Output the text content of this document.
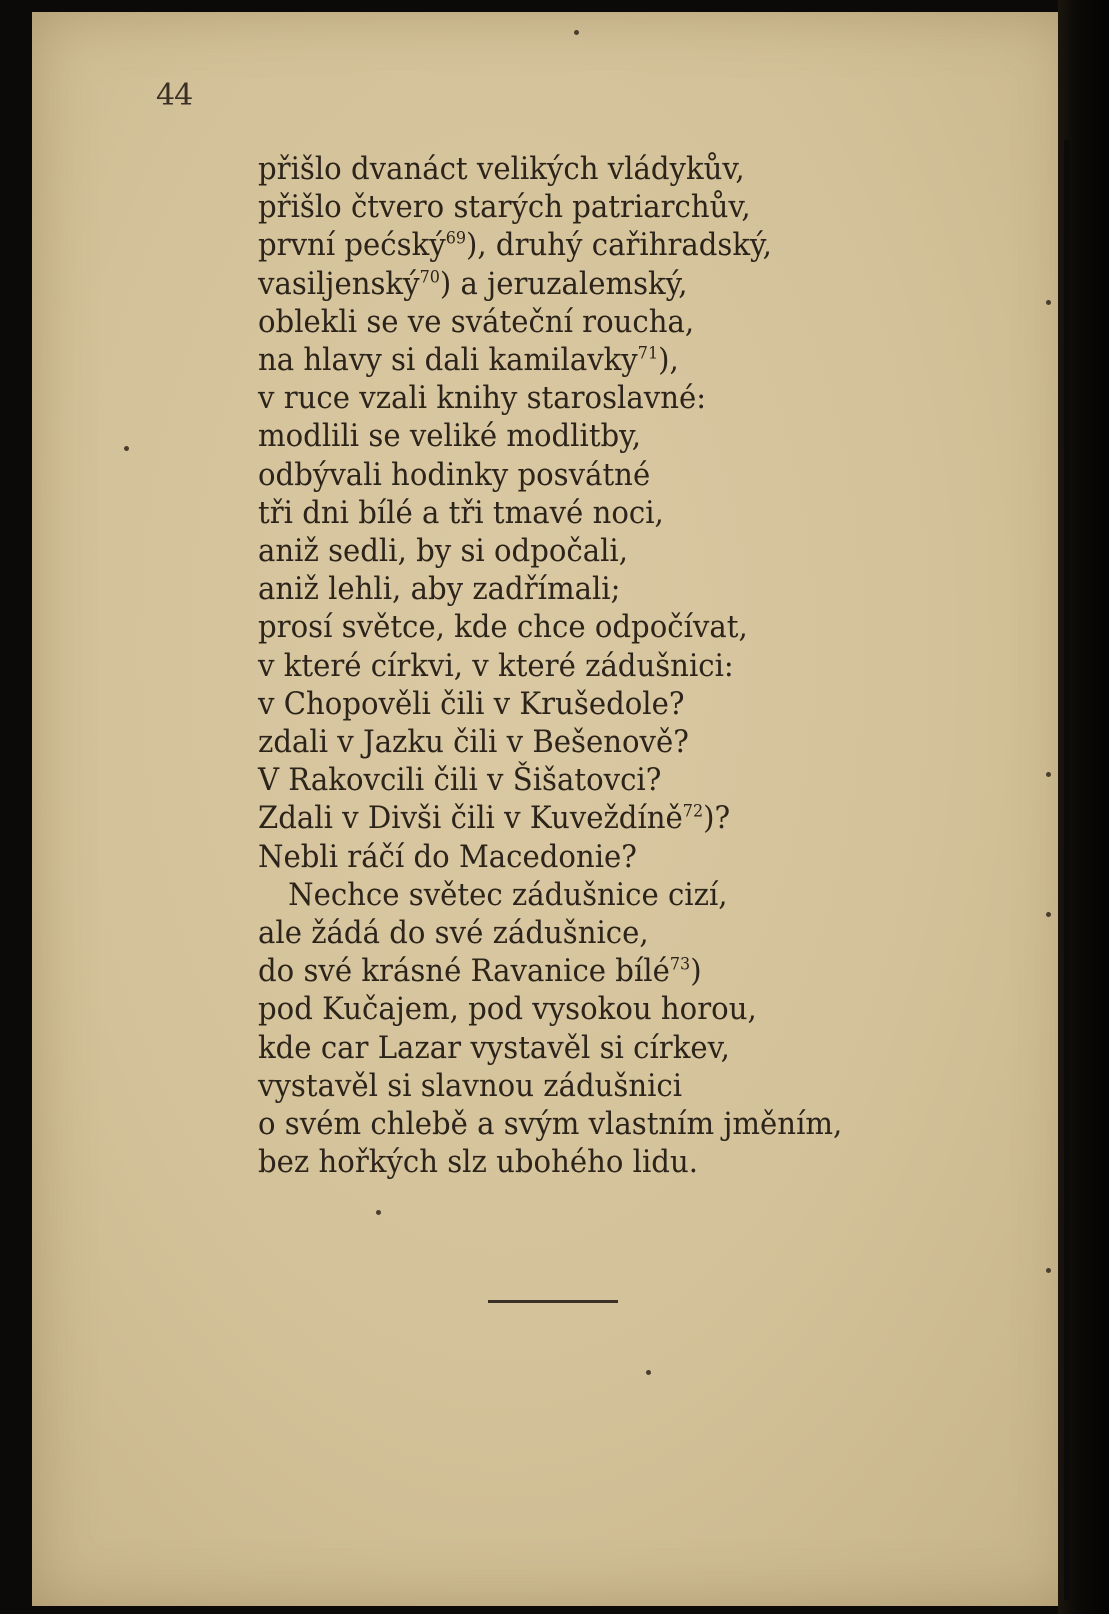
44

přišlo dvanáct velikých vládykův,
přišlo čtvero starých patriarchův,
první pećský$^{69}$), druhý cařihradský,
vasiljenský$^{70}$) a jeruzalemský,
oblekli se ve sváteční roucha,
na hlavy si dali kamilavky$^{71}$),
v ruce vzali knihy staroslavné:
modlili se veliké modlitby,
odbývali hodinky posvátné
tři dni bílé a tři tmavé noci,
aniž sedli, by si odpočali,
aniž lehli, aby zadřímali;
prosí světce, kde chce odpočívat,
v které církvi, v které zádušnici:
v Chopověli čili v Krušedole?
zdali v Jazku čili v Bešenově?
V Rakovcili čili v Šišatovci?
Zdali v Divši čili v Kuveždíně$^{72}$)?
Nebli ráčí do Macedonie?
Nechce světec zádušnice cizí,
ale žádá do své zádušnice,
do své krásné Ravanice bílé$^{73}$)
pod Kučajem, pod vysokou horou,
kde car Lazar vystavěl si církev,
vystavěl si slavnou zádušnici
o svém chlebě a svým vlastním jměním,
bez hořkých slz ubohého lidu.
